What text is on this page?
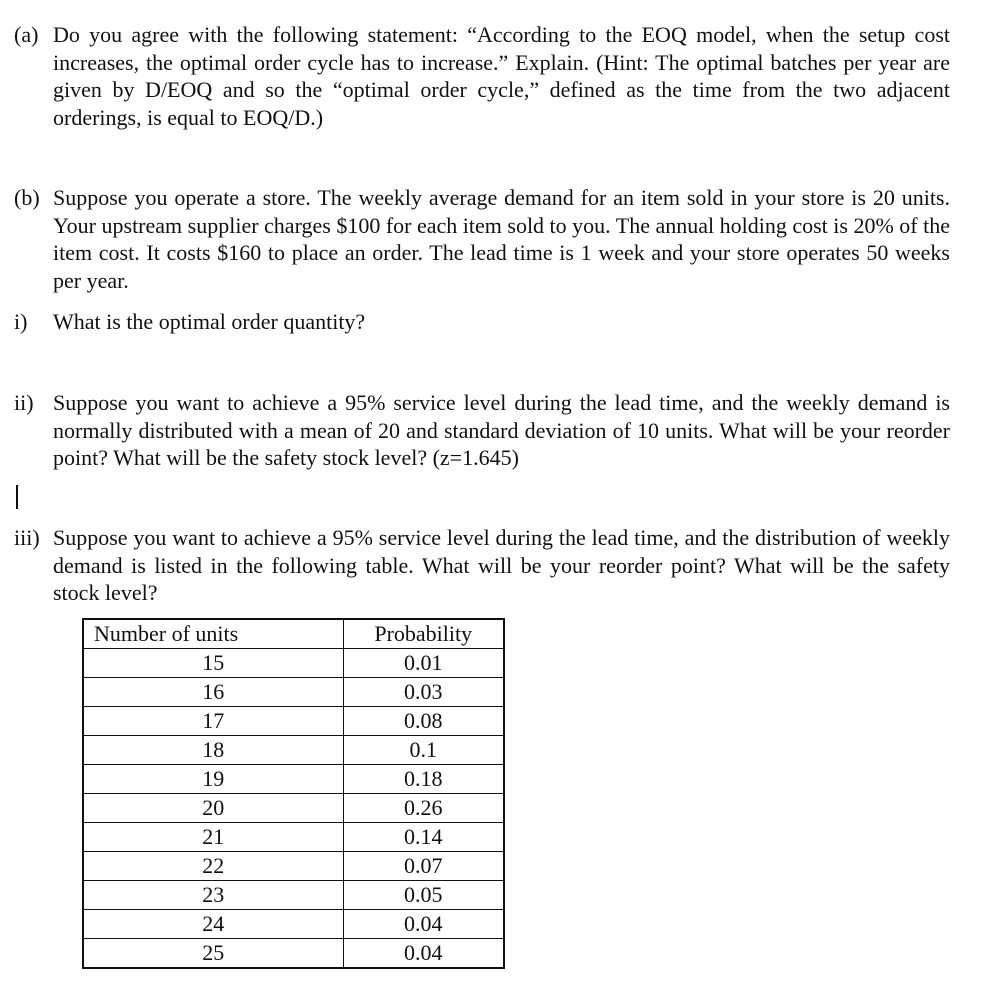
(a) Do you agree with the following statement: “According to the EOQ model, when the setup cost increases, the optimal order cycle has to increase.” Explain. (Hint: The optimal batches per year are given by D/EOQ and so the “optimal order cycle,” defined as the time from the two adjacent orderings, is equal to EOQ/D.)
(b) Suppose you operate a store. The weekly average demand for an item sold in your store is 20 units. Your upstream supplier charges $100 for each item sold to you. The annual holding cost is 20% of the item cost. It costs $160 to place an order. The lead time is 1 week and your store operates 50 weeks per year.
i) What is the optimal order quantity?
ii) Suppose you want to achieve a 95% service level during the lead time, and the weekly demand is normally distributed with a mean of 20 and standard deviation of 10 units. What will be your reorder point? What will be the safety stock level? (z=1.645)
iii) Suppose you want to achieve a 95% service level during the lead time, and the distribution of weekly demand is listed in the following table. What will be your reorder point? What will be the safety stock level?
Number of units	Probability
15	0.01
16	0.03
17	0.08
18	0.1
19	0.18
20	0.26
21	0.14
22	0.07
23	0.05
24	0.04
25	0.04
